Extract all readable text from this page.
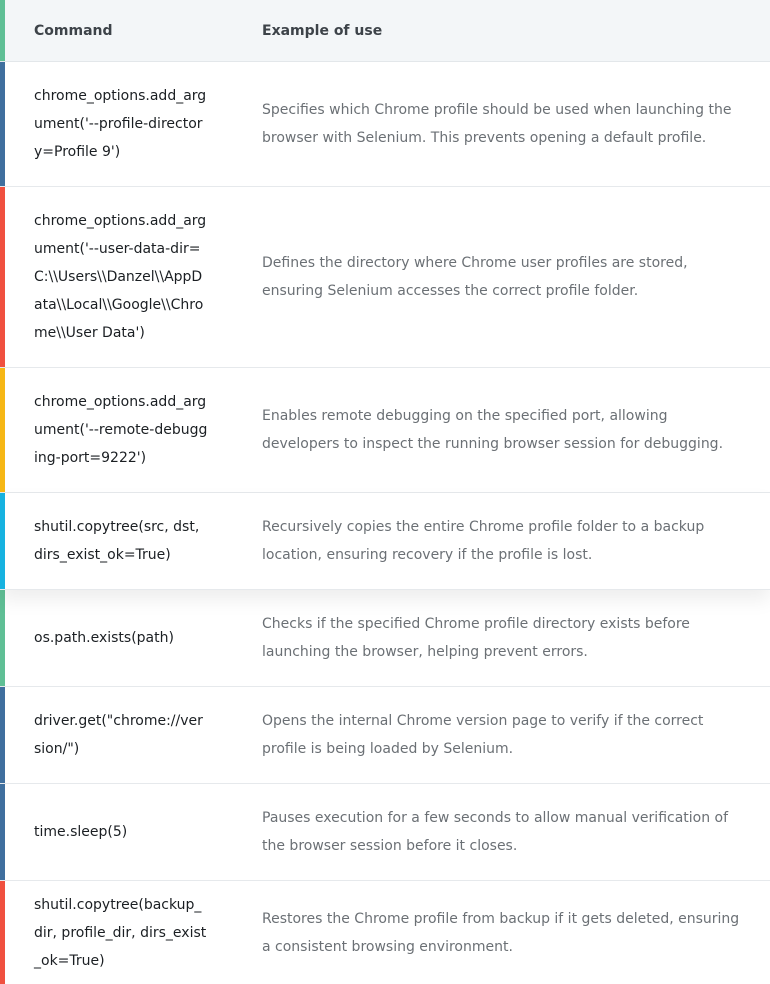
Command	Example of use
chrome_options.add_argument('--profile-directory=Profile 9')
Specifies which Chrome profile should be used when launching the browser with Selenium. This prevents opening a default profile.
chrome_options.add_argument('--user-data-dir=C:\\Users\\Danzel\\AppData\\Local\\Google\\Chrome\\User Data')
Defines the directory where Chrome user profiles are stored, ensuring Selenium accesses the correct profile folder.
chrome_options.add_argument('--remote-debugging-port=9222')
Enables remote debugging on the specified port, allowing developers to inspect the running browser session for debugging.
shutil.copytree(src, dst, dirs_exist_ok=True)
Recursively copies the entire Chrome profile folder to a backup location, ensuring recovery if the profile is lost.
os.path.exists(path)
Checks if the specified Chrome profile directory exists before launching the browser, helping prevent errors.
driver.get("chrome://version/")
Opens the internal Chrome version page to verify if the correct profile is being loaded by Selenium.
time.sleep(5)
Pauses execution for a few seconds to allow manual verification of the browser session before it closes.
shutil.copytree(backup_dir, profile_dir, dirs_exist_ok=True)
Restores the Chrome profile from backup if it gets deleted, ensuring a consistent browsing environment.
